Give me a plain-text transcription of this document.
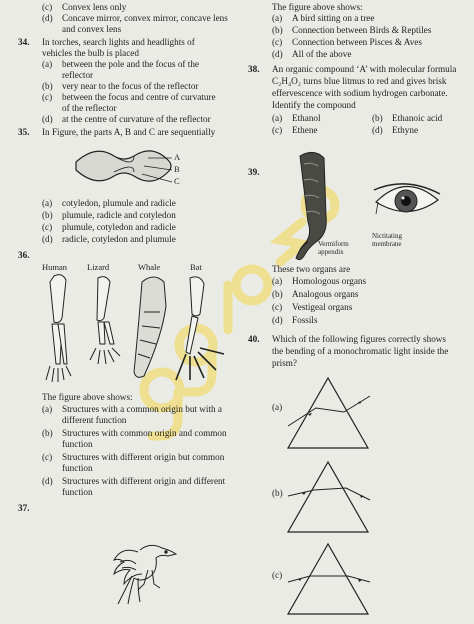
(c) Convex lens only
(d) Concave mirror, convex mirror, concave lens
and convex lens
34. In torches, search lights and headlights of
vehicles the bulb is placed
(a) between the pole and the focus of the
reflector
(b) very near to the focus of the reflector
(c) between the focus and centre of curvature
of the reflector
(d) at the centre of curvature of the reflector
35. In Figure, the parts A, B and C are sequentially
A
B
C
(a) cotyledon, plumule and radicle
(b) plumule, radicle and cotyledon
(c) plumule, cotyledon and radicle
(d) radicle, cotyledon and plumule
36.
Human Lizard	Whale	Bat
The figure above shows:
(a) Structures with a common origin but with a
different function
(b) Structures with common origin and common
function
(c) Structures with different origin but common
function
(d) Structures with different origin and different
function
37.
The figure above shows:
(a) A bird sitting on a tree
(b) Connection between Birds & Reptiles
(c) Connection between Pisces & Aves
(d) All of the above
38. An organic compound ‘A’ with molecular formula
C₂H₄O₂ turns blue litmus to red and gives brisk
effervescence with sodium hydrogen carbonate.
Identify the compound
(a) Ethanol	(b) Ethanoic acid
(c) Ethene	(d) Ethyne
39.
Vermiform
appendix
Nictitating
membrane
These two organs are
(a) Homologous organs
(b) Analogous organs
(c) Vestigeal organs
(d) Fossils
40. Which of the following figures correctly shows
the bending of a monochromatic light inside the
prism?
(a)
(b)
(c)
